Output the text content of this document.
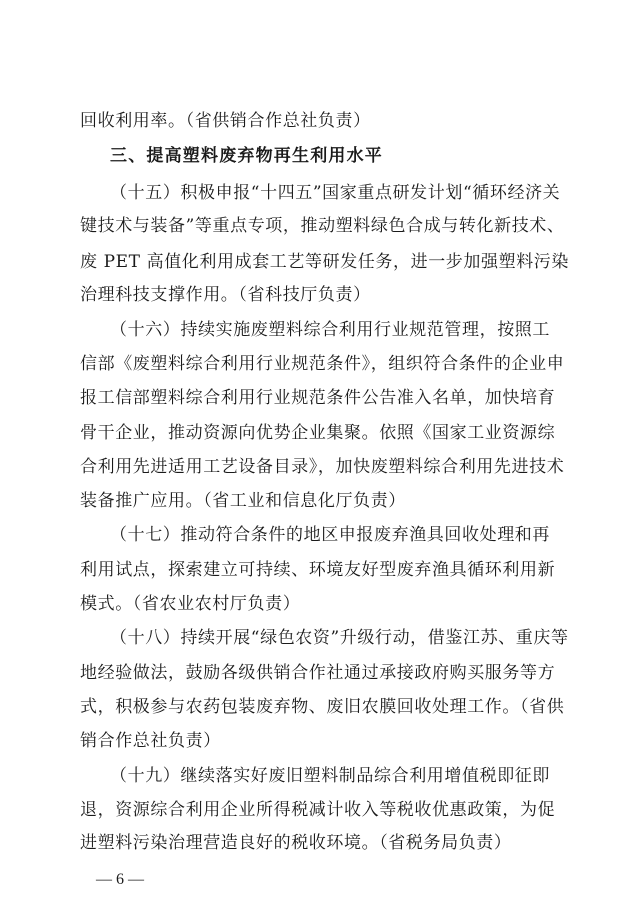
回收利用率。（省供销合作总社负责）
三、提高塑料废弃物再生利用水平
（十五）积极申报“十四五”国家重点研发计划“循环经济关
键技术与装备”等重点专项，推动塑料绿色合成与转化新技术、
废 PET 高值化利用成套工艺等研发任务，进一步加强塑料污染
治理科技支撑作用。（省科技厅负责）
（十六）持续实施废塑料综合利用行业规范管理，按照工
信部《废塑料综合利用行业规范条件》，组织符合条件的企业申
报工信部塑料综合利用行业规范条件公告准入名单，加快培育
骨干企业，推动资源向优势企业集聚。依照《国家工业资源综
合利用先进适用工艺设备目录》，加快废塑料综合利用先进技术
装备推广应用。（省工业和信息化厅负责）
（十七）推动符合条件的地区申报废弃渔具回收处理和再
利用试点，探索建立可持续、环境友好型废弃渔具循环利用新
模式。（省农业农村厅负责）
（十八）持续开展“绿色农资”升级行动，借鉴江苏、重庆等
地经验做法，鼓励各级供销合作社通过承接政府购买服务等方
式，积极参与农药包装废弃物、废旧农膜回收处理工作。（省供
销合作总社负责）
（十九）继续落实好废旧塑料制品综合利用增值税即征即
退，资源综合利用企业所得税减计收入等税收优惠政策，为促
进塑料污染治理营造良好的税收环境。（省税务局负责）
— 6 —
